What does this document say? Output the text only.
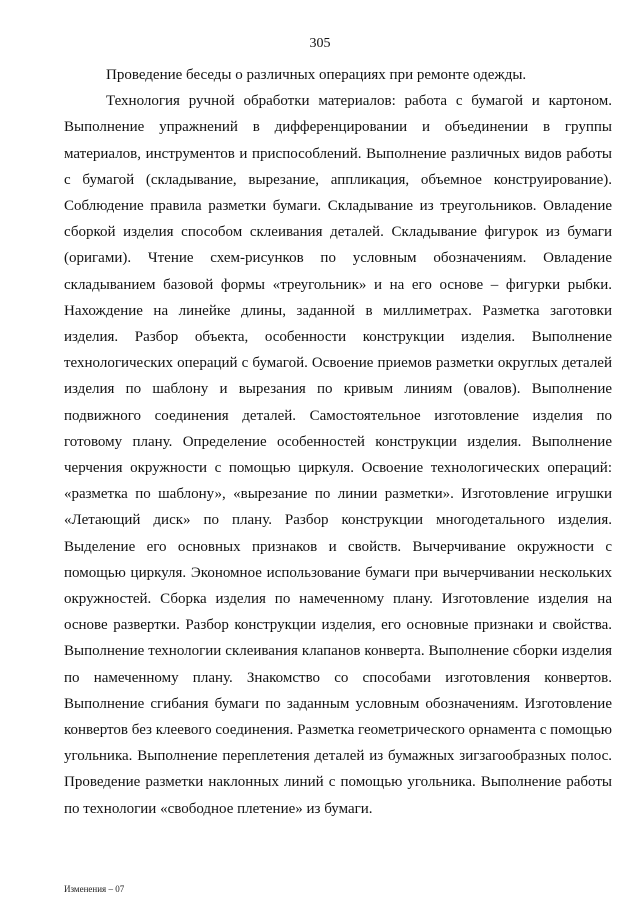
305

Проведение беседы о различных операциях при ремонте одежды.

Технология ручной обработки материалов: работа с бумагой и картоном. Выполнение упражнений в дифференцировании и объединении в группы материалов, инструментов и приспособлений. Выполнение различных видов работы с бумагой (складывание, вырезание, аппликация, объемное конструирование). Соблюдение правила разметки бумаги. Складывание из треугольников. Овладение сборкой изделия способом склеивания деталей. Складывание фигурок из бумаги (оригами). Чтение схем-рисунков по условным обозначениям. Овладение складыванием базовой формы «треугольник» и на его основе – фигурки рыбки. Нахождение на линейке длины, заданной в миллиметрах. Разметка заготовки изделия. Разбор объекта, особенности конструкции изделия. Выполнение технологических операций с бумагой. Освоение приемов разметки округлых деталей изделия по шаблону и вырезания по кривым линиям (овалов). Выполнение подвижного соединения деталей. Самостоятельное изготовление изделия по готовому плану. Определение особенностей конструкции изделия. Выполнение черчения окружности с помощью циркуля. Освоение технологических операций: «разметка по шаблону», «вырезание по линии разметки». Изготовление игрушки «Летающий диск» по плану. Разбор конструкции многодетального изделия. Выделение его основных признаков и свойств. Вычерчивание окружности с помощью циркуля. Экономное использование бумаги при вычерчивании нескольких окружностей. Сборка изделия по намеченному плану. Изготовление изделия на основе развертки. Разбор конструкции изделия, его основные признаки и свойства. Выполнение технологии склеивания клапанов конверта. Выполнение сборки изделия по намеченному плану. Знакомство со способами изготовления конвертов. Выполнение сгибания бумаги по заданным условным обозначениям. Изготовление конвертов без клеевого соединения. Разметка геометрического орнамента с помощью угольника. Выполнение переплетения деталей из бумажных зигзагообразных полос. Проведение разметки наклонных линий с помощью угольника. Выполнение работы по технологии «свободное плетение» из бумаги.

Изменения – 07
